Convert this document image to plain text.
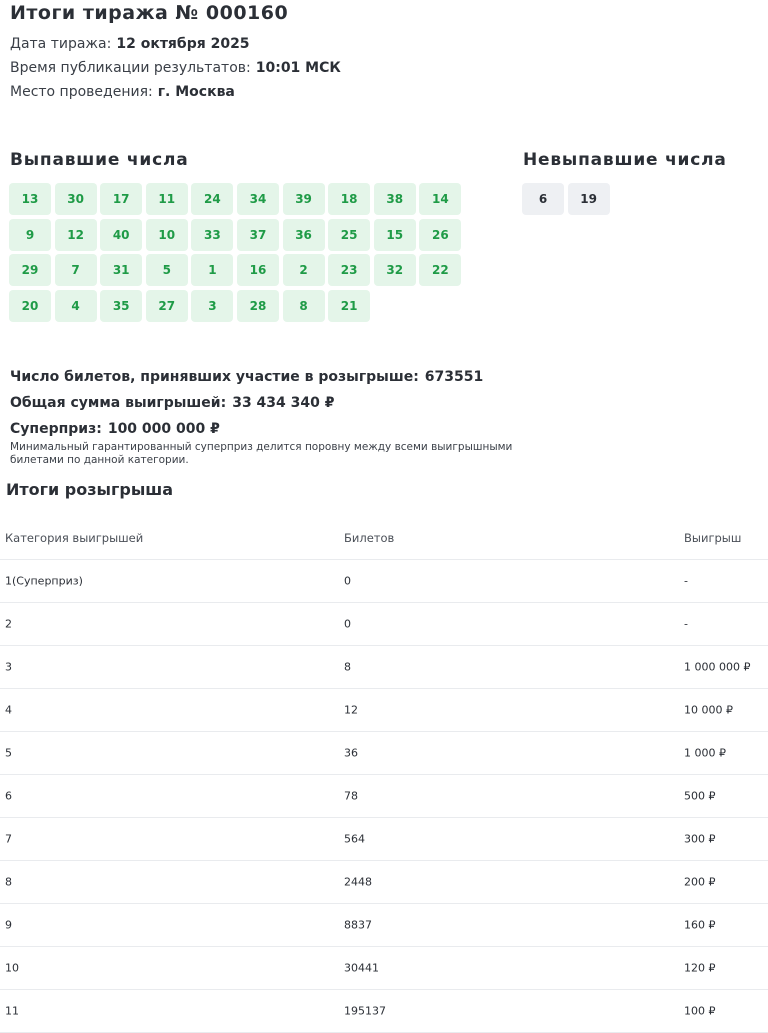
Итоги тиража № 000160
Дата тиража: 12 октября 2025
Время публикации результатов: 10:01 МСК
Место проведения: г. Москва
Выпавшие числа	Невыпавшие числа
13	30	17	11	24	34	39	18	38	14
9	12	40	10	33	37	36	25	15	26
29	7	31	5	1	16	2	23	32	22
20	4	35	27	3	28	8	21
6	19
Число билетов, принявших участие в розыгрыше: 673551
Общая сумма выигрышей: 33 434 340 ₽
Суперприз: 100 000 000 ₽
Минимальный гарантированный суперприз делится поровну между всеми выигрышными билетами по данной категории.
Итоги розыгрыша
Категория выигрышей	Билетов	Выигрыш
1(Суперприз)	0	-
2	0	-
3	8	1 000 000 ₽
4	12	10 000 ₽
5	36	1 000 ₽
6	78	500 ₽
7	564	300 ₽
8	2448	200 ₽
9	8837	160 ₽
10	30441	120 ₽
11	195137	100 ₽
